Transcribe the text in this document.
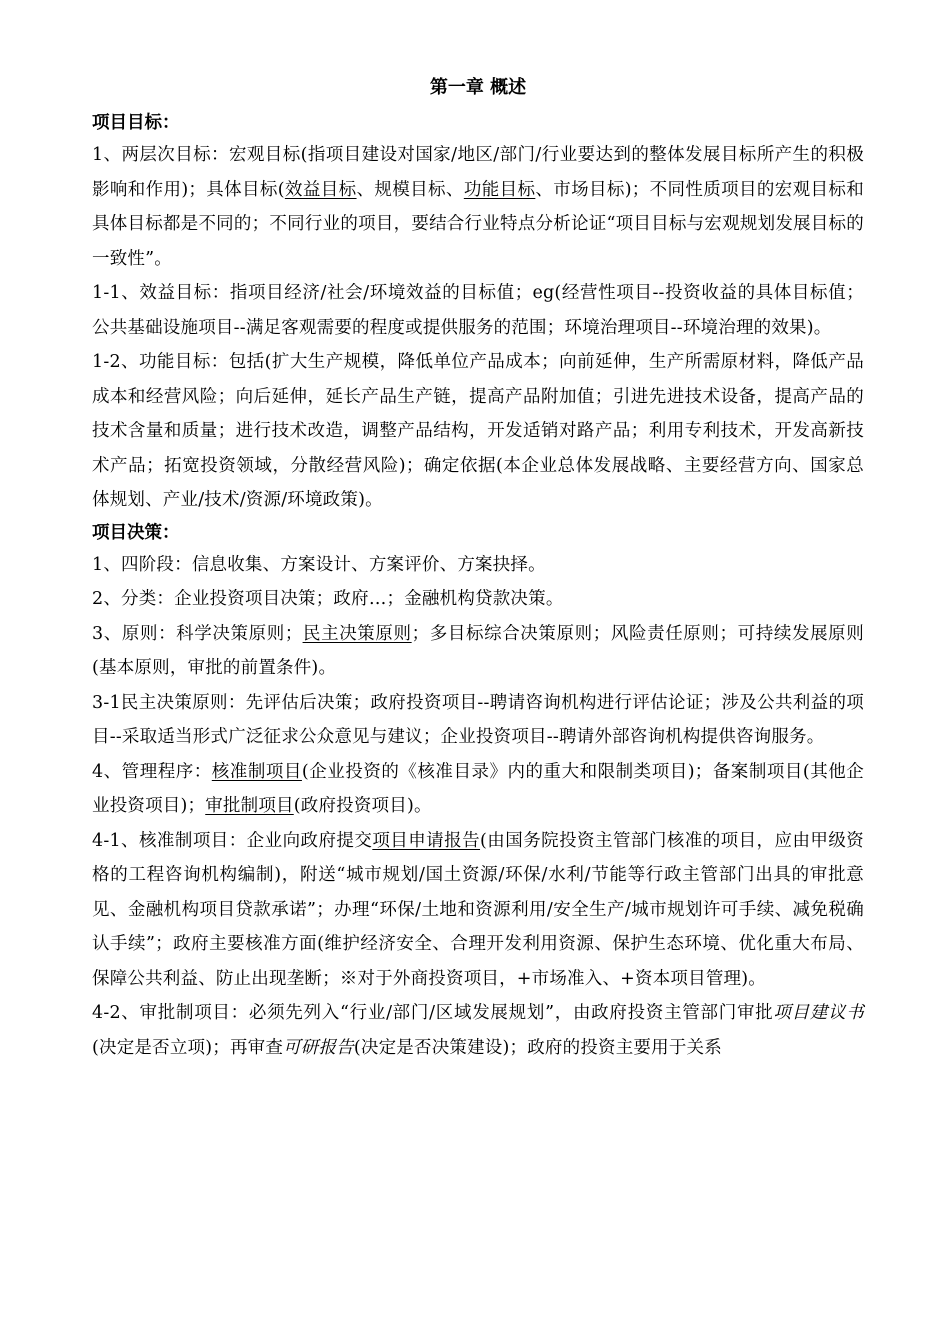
第一章 概述
项目目标：

1、两层次目标：宏观目标(指项目建设对国家/地区/部门/行业要达到的整体发展目标所产生的积极影响和作用)；具体目标(效益目标、规模目标、功能目标、市场目标)；不同性质项目的宏观目标和具体目标都是不同的；不同行业的项目，要结合行业特点分析论证“项目目标与宏观规划发展目标的一致性”。

1-1、效益目标：指项目经济/社会/环境效益的目标值；eg(经营性项目--投资收益的具体目标值；公共基础设施项目--满足客观需要的程度或提供服务的范围；环境治理项目--环境治理的效果)。

1-2、功能目标：包括(扩大生产规模，降低单位产品成本；向前延伸，生产所需原材料，降低产品成本和经营风险；向后延伸，延长产品生产链，提高产品附加值；引进先进技术设备，提高产品的技术含量和质量；进行技术改造，调整产品结构，开发适销对路产品；利用专利技术，开发高新技术产品；拓宽投资领域，分散经营风险)；确定依据(本企业总体发展战略、主要经营方向、国家总体规划、产业/技术/资源/环境政策)。

项目决策：

1、四阶段：信息收集、方案设计、方案评价、方案抉择。

2、分类：企业投资项目决策；政府…；金融机构贷款决策。

3、原则：科学决策原则；民主决策原则；多目标综合决策原则；风险责任原则；可持续发展原则(基本原则，审批的前置条件)。

3-1民主决策原则：先评估后决策；政府投资项目--聘请咨询机构进行评估论证；涉及公共利益的项目--采取适当形式广泛征求公众意见与建议；企业投资项目--聘请外部咨询机构提供咨询服务。

4、管理程序：核准制项目(企业投资的《核准目录》内的重大和限制类项目)；备案制项目(其他企业投资项目)；审批制项目(政府投资项目)。

4-1、核准制项目：企业向政府提交项目申请报告(由国务院投资主管部门核准的项目，应由甲级资格的工程咨询机构编制)，附送“城市规划/国土资源/环保/水利/节能等行政主管部门出具的审批意见、金融机构项目贷款承诺”；办理“环保/土地和资源利用/安全生产/城市规划许可手续、减免税确认手续”；政府主要核准方面(维护经济安全、合理开发利用资源、保护生态环境、优化重大布局、保障公共利益、防止出现垄断；※对于外商投资项目，+市场准入、+资本项目管理)。

4-2、审批制项目：必须先列入“行业/部门/区域发展规划”，由政府投资主管部门审批项目建议书(决定是否立项)；再审查可研报告(决定是否决策建设)；政府的投资主要用于关系
